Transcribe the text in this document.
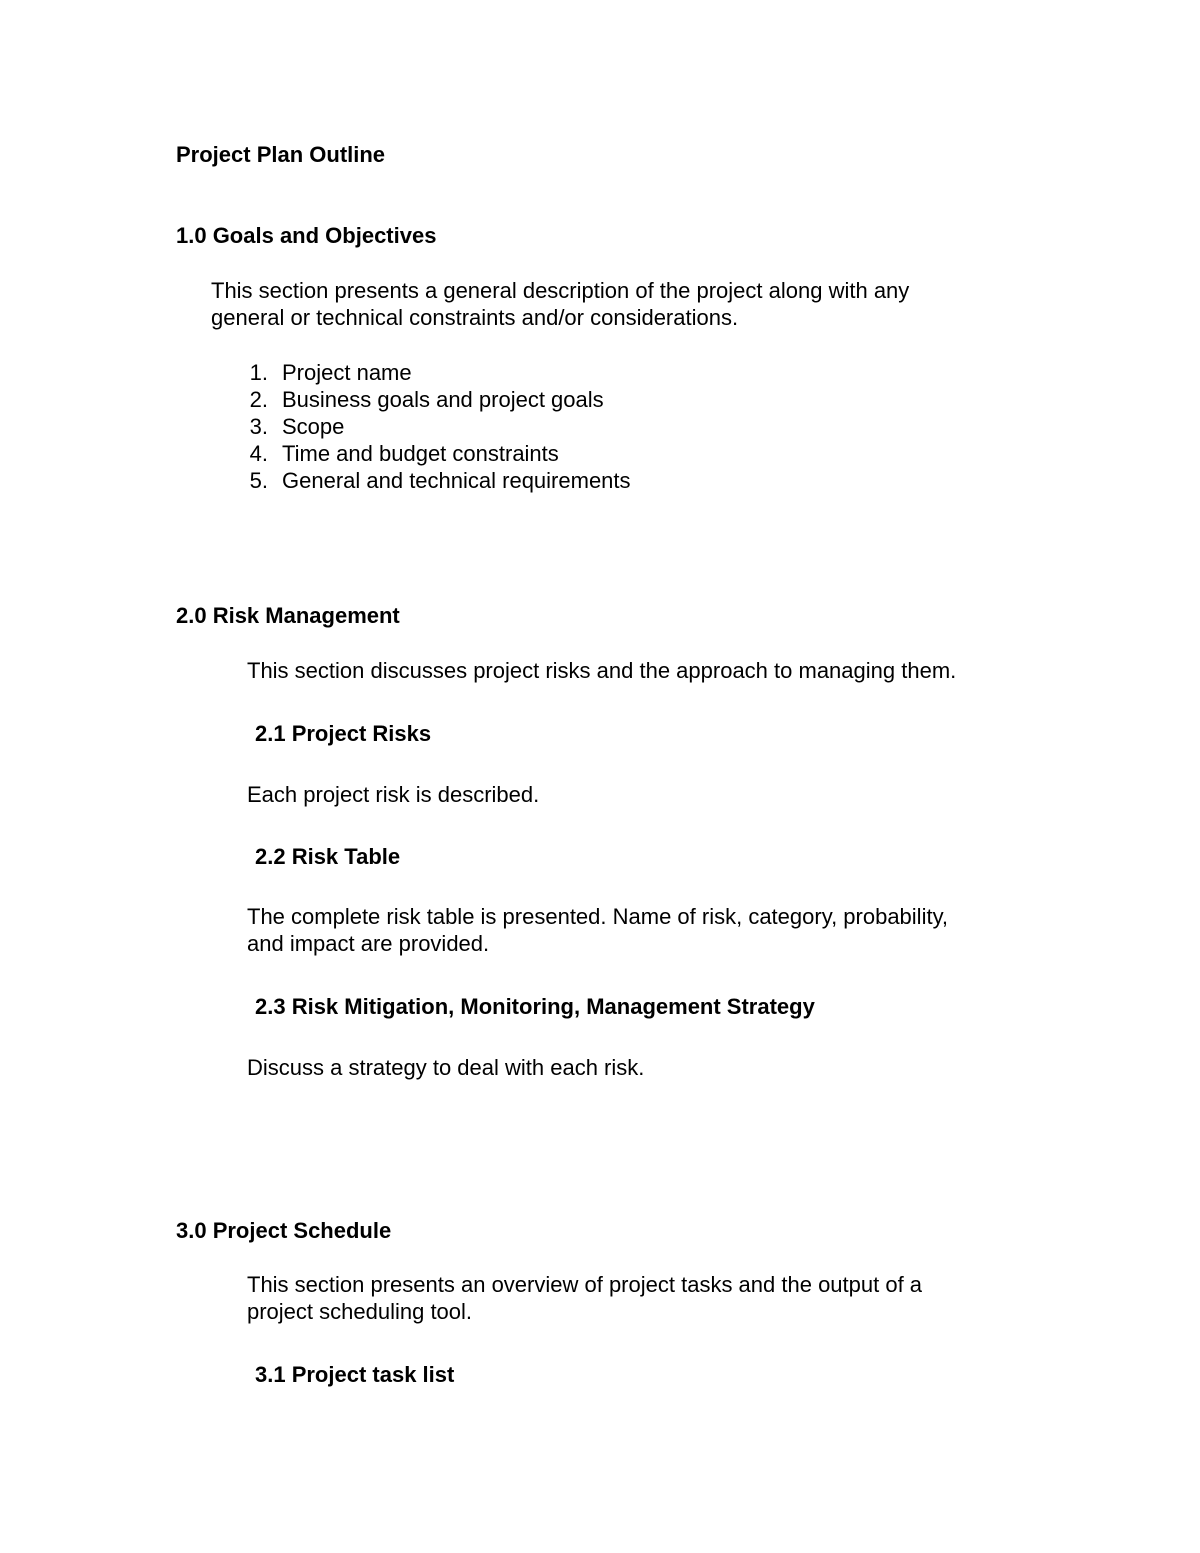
Project Plan Outline
1.0 Goals and Objectives
This section presents a general description of the project along with any
general or technical constraints and/or considerations.
1. Project name
2. Business goals and project goals
3. Scope
4. Time and budget constraints
5. General and technical requirements
2.0 Risk Management
This section discusses project risks and the approach to managing them.
2.1 Project Risks
Each project risk is described.
2.2 Risk Table
The complete risk table is presented. Name of risk, category, probability,
and impact are provided.
2.3 Risk Mitigation, Monitoring, Management Strategy
Discuss a strategy to deal with each risk.
3.0 Project Schedule
This section presents an overview of project tasks and the output of a
project scheduling tool.
3.1 Project task list
